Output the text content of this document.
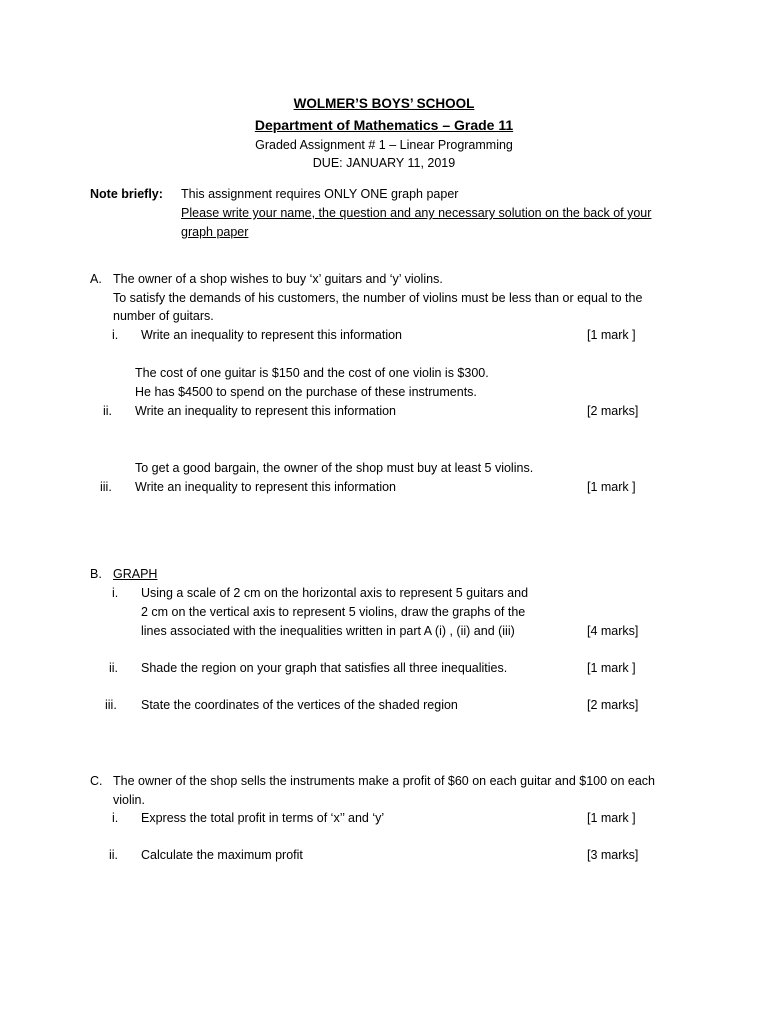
WOLMER’S BOYS’ SCHOOL
Department of Mathematics – Grade 11
Graded Assignment # 1 – Linear Programming
DUE: JANUARY 11, 2019
Note briefly: This assignment requires ONLY ONE graph paper
Please write your name, the question and any necessary solution on the back of your
graph paper
A. The owner of a shop wishes to buy ‘x’ guitars and ‘y’ violins.
To satisfy the demands of his customers, the number of violins must be less than or equal to the
number of guitars.
i. Write an inequality to represent this information	[1 mark ]
The cost of one guitar is $150 and the cost of one violin is $300.
He has $4500 to spend on the purchase of these instruments.
ii. Write an inequality to represent this information	[2 marks]
To get a good bargain, the owner of the shop must buy at least 5 violins.
iii. Write an inequality to represent this information	[1 mark ]
B. GRAPH
i. Using a scale of 2 cm on the horizontal axis to represent 5 guitars and
2 cm on the vertical axis to represent 5 violins, draw the graphs of the
lines associated with the inequalities written in part A (i) , (ii) and (iii)	[4 marks]
ii. Shade the region on your graph that satisfies all three inequalities.	[1 mark ]
iii. State the coordinates of the vertices of the shaded region	[2 marks]
C. The owner of the shop sells the instruments make a profit of $60 on each guitar and $100 on each
violin.
i. Express the total profit in terms of ‘x’’ and ‘y’	[1 mark ]
ii. Calculate the maximum profit	[3 marks]
